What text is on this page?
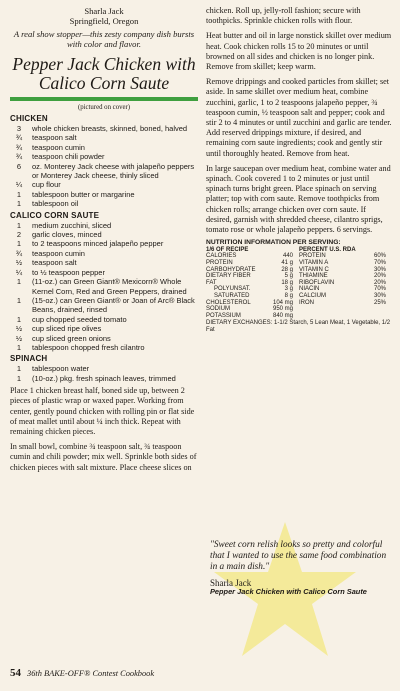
Sharla Jack
Springfield, Oregon
A real show stopper—this zesty company dish bursts with color and flavor.
Pepper Jack Chicken with Calico Corn Saute
(pictured on cover)
CHICKEN
3	whole chicken breasts, skinned, boned, halved
¾	teaspoon salt
¾	teaspoon cumin
¾	teaspoon chili powder
6	oz. Monterey Jack cheese with jalapeño peppers or Monterey Jack cheese, thinly sliced
¼	cup flour
1	tablespoon butter or margarine
1	tablespoon oil
CALICO CORN SAUTE
1	medium zucchini, sliced
2	garlic cloves, minced
1	to 2 teaspoons minced jalapeño pepper
¾	teaspoon cumin
½	teaspoon salt
¼	to ½ teaspoon pepper
1	(11-oz.) can Green Giant® Mexicorn® Whole Kernel Corn, Red and Green Peppers, drained
1	(15-oz.) can Green Giant® or Joan of Arc® Black Beans, drained, rinsed
1	cup chopped seeded tomato
½	cup sliced ripe olives
½	cup sliced green onions
1	tablespoon chopped fresh cilantro
SPINACH
1	tablespoon water
1	(10-oz.) pkg. fresh spinach leaves, trimmed

Place 1 chicken breast half, boned side up, between 2 pieces of plastic wrap or waxed paper. Working from center, gently pound chicken with rolling pin or flat side of meat mallet until about ¼ inch thick. Repeat with remaining chicken pieces.

In small bowl, combine ¾ teaspoon salt, ¾ teaspoon cumin and chili powder; mix well. Sprinkle both sides of chicken pieces with salt mixture. Place cheese slices on

chicken. Roll up, jelly-roll fashion; secure with toothpicks. Sprinkle chicken rolls with flour.

Heat butter and oil in large nonstick skillet over medium heat. Cook chicken rolls 15 to 20 minutes or until browned on all sides and chicken is no longer pink. Remove from skillet; keep warm.

Remove drippings and cooked particles from skillet; set aside. In same skillet over medium heat, combine zucchini, garlic, 1 to 2 teaspoons jalapeño pepper, ¾ teaspoon cumin, ½ teaspoon salt and pepper; cook and stir 2 to 4 minutes or until zucchini and garlic are tender. Add reserved drippings mixture, if desired, and remaining corn saute ingredients; cook and gently stir until thoroughly heated. Remove from heat.

In large saucepan over medium heat, combine water and spinach. Cook covered 1 to 2 minutes or just until spinach turns bright green. Place spinach on serving platter; top with corn saute. Remove toothpicks from chicken rolls; arrange chicken over corn saute. If desired, garnish with shredded cheese, cilantro sprigs, tomato rose or whole jalapeño peppers. 6 servings.

NUTRITION INFORMATION PER SERVING:
1/6 OF RECIPE	PERCENT U.S. RDA
CALORIES	440
PROTEIN	41 g
CARBOHYDRATE	28 g
DIETARY FIBER	5 g
FAT	18 g
POLYUNSAT.	3 g
SATURATED	8 g
CHOLESTEROL	104 mg
SODIUM	950 mg
POTASSIUM	840 mg
PROTEIN	60%
VITAMIN A	70%
VITAMIN C	30%
THIAMINE	20%
RIBOFLAVIN	20%
NIACIN	70%
CALCIUM	30%
IRON	25%
DIETARY EXCHANGES: 1-1/2 Starch, 5 Lean Meat, 1 Vegetable, 1/2 Fat
"Sweet corn relish looks so pretty and colorful that I wanted to use the same food combination in a main dish."
Sharla Jack
Pepper Jack Chicken with Calico Corn Saute
54 36th BAKE-OFF® Contest Cookbook
